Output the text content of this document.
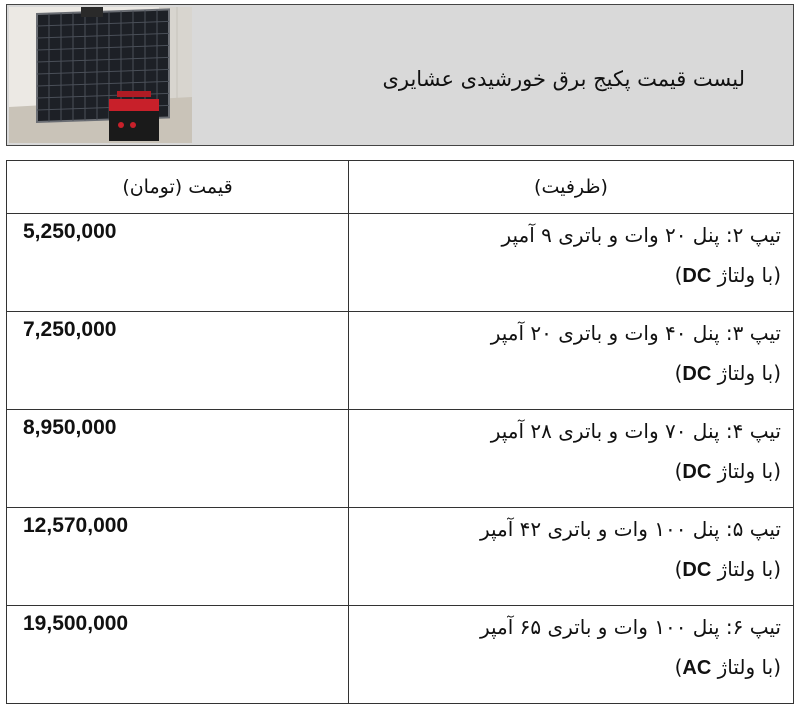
لیست قیمت پکیج برق خورشیدی عشایری
قیمت (تومان)	(ظرفیت)
5,250,000	تیپ ۲: پنل ۲۰ وات و باتری ۹ آمپر
(با ولتاژ DC)

7,250,000	تیپ ۳: پنل ۴۰ وات و باتری ۲۰ آمپر
(با ولتاژ DC)

8,950,000	تیپ ۴: پنل ۷۰ وات و باتری ۲۸ آمپر
(با ولتاژ DC)

12,570,000	تیپ ۵: پنل ۱۰۰ وات و باتری ۴۲ آمپر
(با ولتاژ DC)

19,500,000	تیپ ۶: پنل ۱۰۰ وات و باتری ۶۵ آمپر
(با ولتاژ AC)
